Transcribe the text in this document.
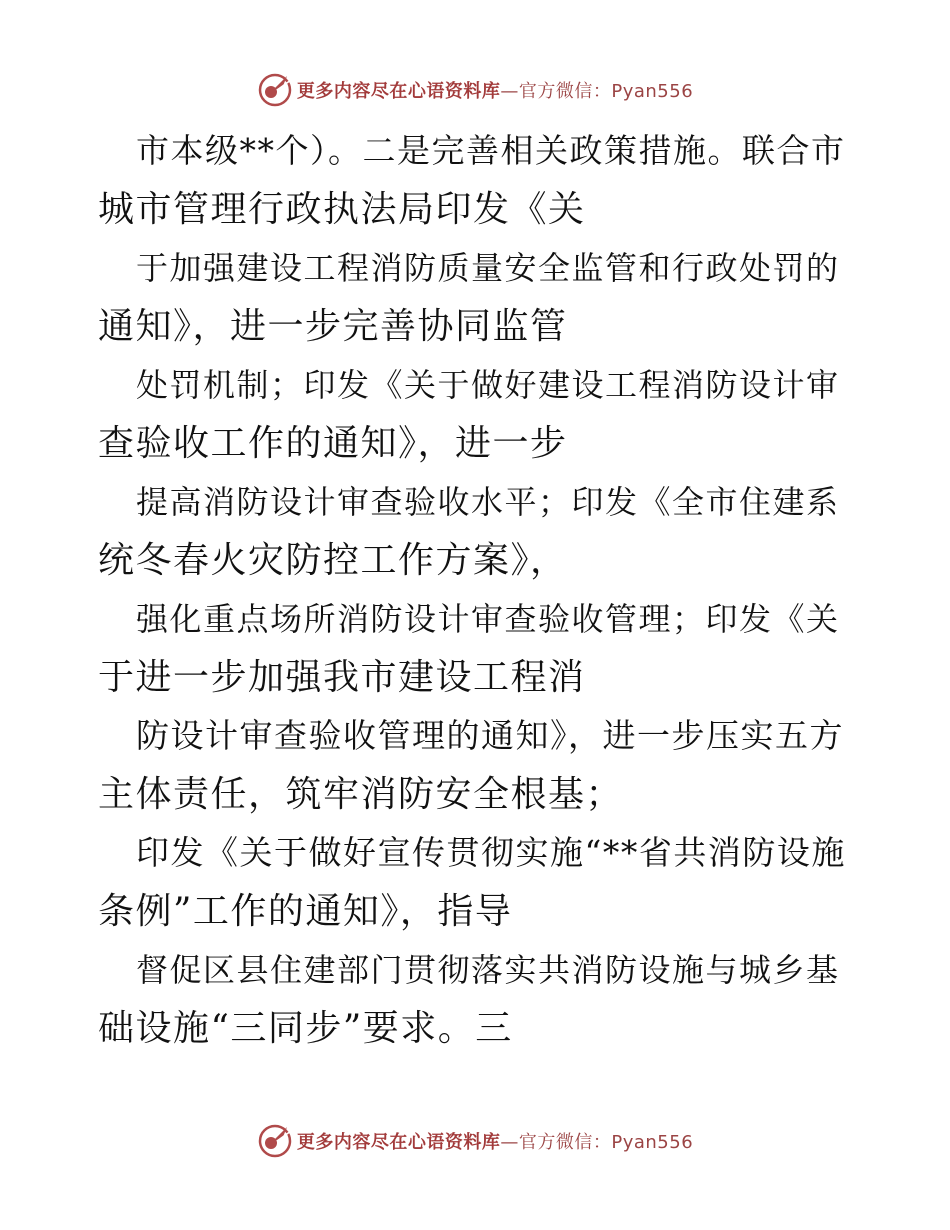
更多内容尽在心语资料库—官方微信：Pyan556
市本级**个）。二是完善相关政策措施。联合市
城市管理行政执法局印发《关
于加强建设工程消防质量安全监管和行政处罚的
通知》，进一步完善协同监管
处罚机制；印发《关于做好建设工程消防设计审
查验收工作的通知》，进一步
提高消防设计审查验收水平；印发《全市住建系
统冬春火灾防控工作方案》，
强化重点场所消防设计审查验收管理；印发《关
于进一步加强我市建设工程消
防设计审查验收管理的通知》，进一步压实五方
主体责任，筑牢消防安全根基；
印发《关于做好宣传贯彻实施“**省共消防设施
条例”工作的通知》，指导
督促区县住建部门贯彻落实共消防设施与城乡基
础设施“三同步”要求。三
更多内容尽在心语资料库—官方微信：Pyan556
